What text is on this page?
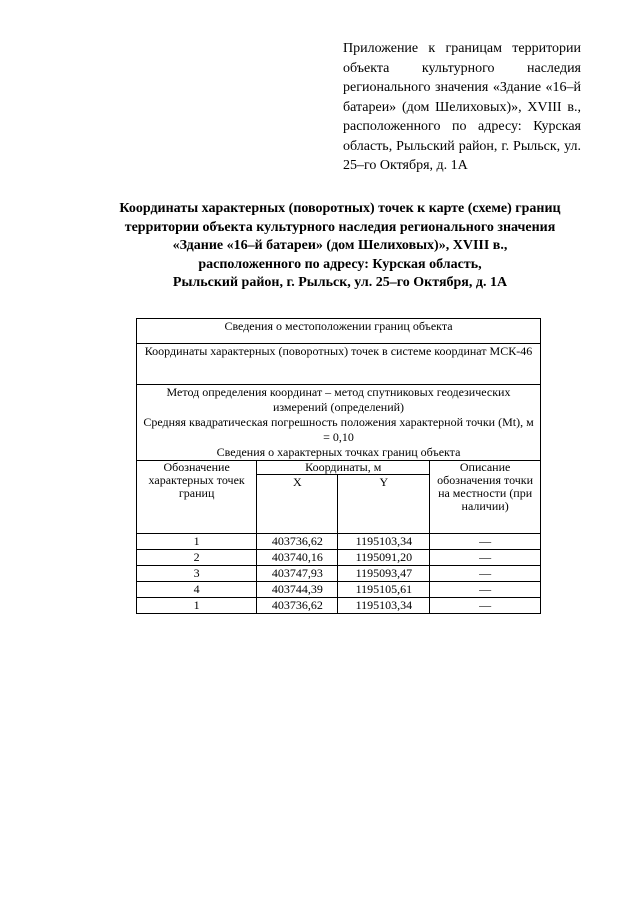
Приложение к границам территории объекта культурного наследия регионального значения «Здание «16–й батареи» (дом Шелиховых)», XVIII в., расположенного по адресу: Курская область, Рыльский район, г. Рыльск, ул. 25–го Октября, д. 1А
Координаты характерных (поворотных) точек к карте (схеме) границ
территории объекта культурного наследия регионального значения
«Здание «16–й батареи» (дом Шелиховых)», XVIII в.,
расположенного по адресу: Курская область,
Рыльский район, г. Рыльск, ул. 25–го Октября, д. 1А
Сведения о местоположении границ объекта			
Координаты характерных (поворотных) точек в системе координат МСК-46			

Метод определения координат – метод спутниковых геодезических измерений (определений)
Средняя квадратическая погрешность положения характерной точки (Mt), м = 0,10
Сведения о характерных точках границ объекта			

Обозначение характерных точек границ	Координаты, м		Описание обозначения точки на местности (при наличии)
	X	Y	
1	403736,62	1195103,34	—
2	403740,16	1195091,20	—
3	403747,93	1195093,47	—
4	403744,39	1195105,61	—
1	403736,62	1195103,34	—
